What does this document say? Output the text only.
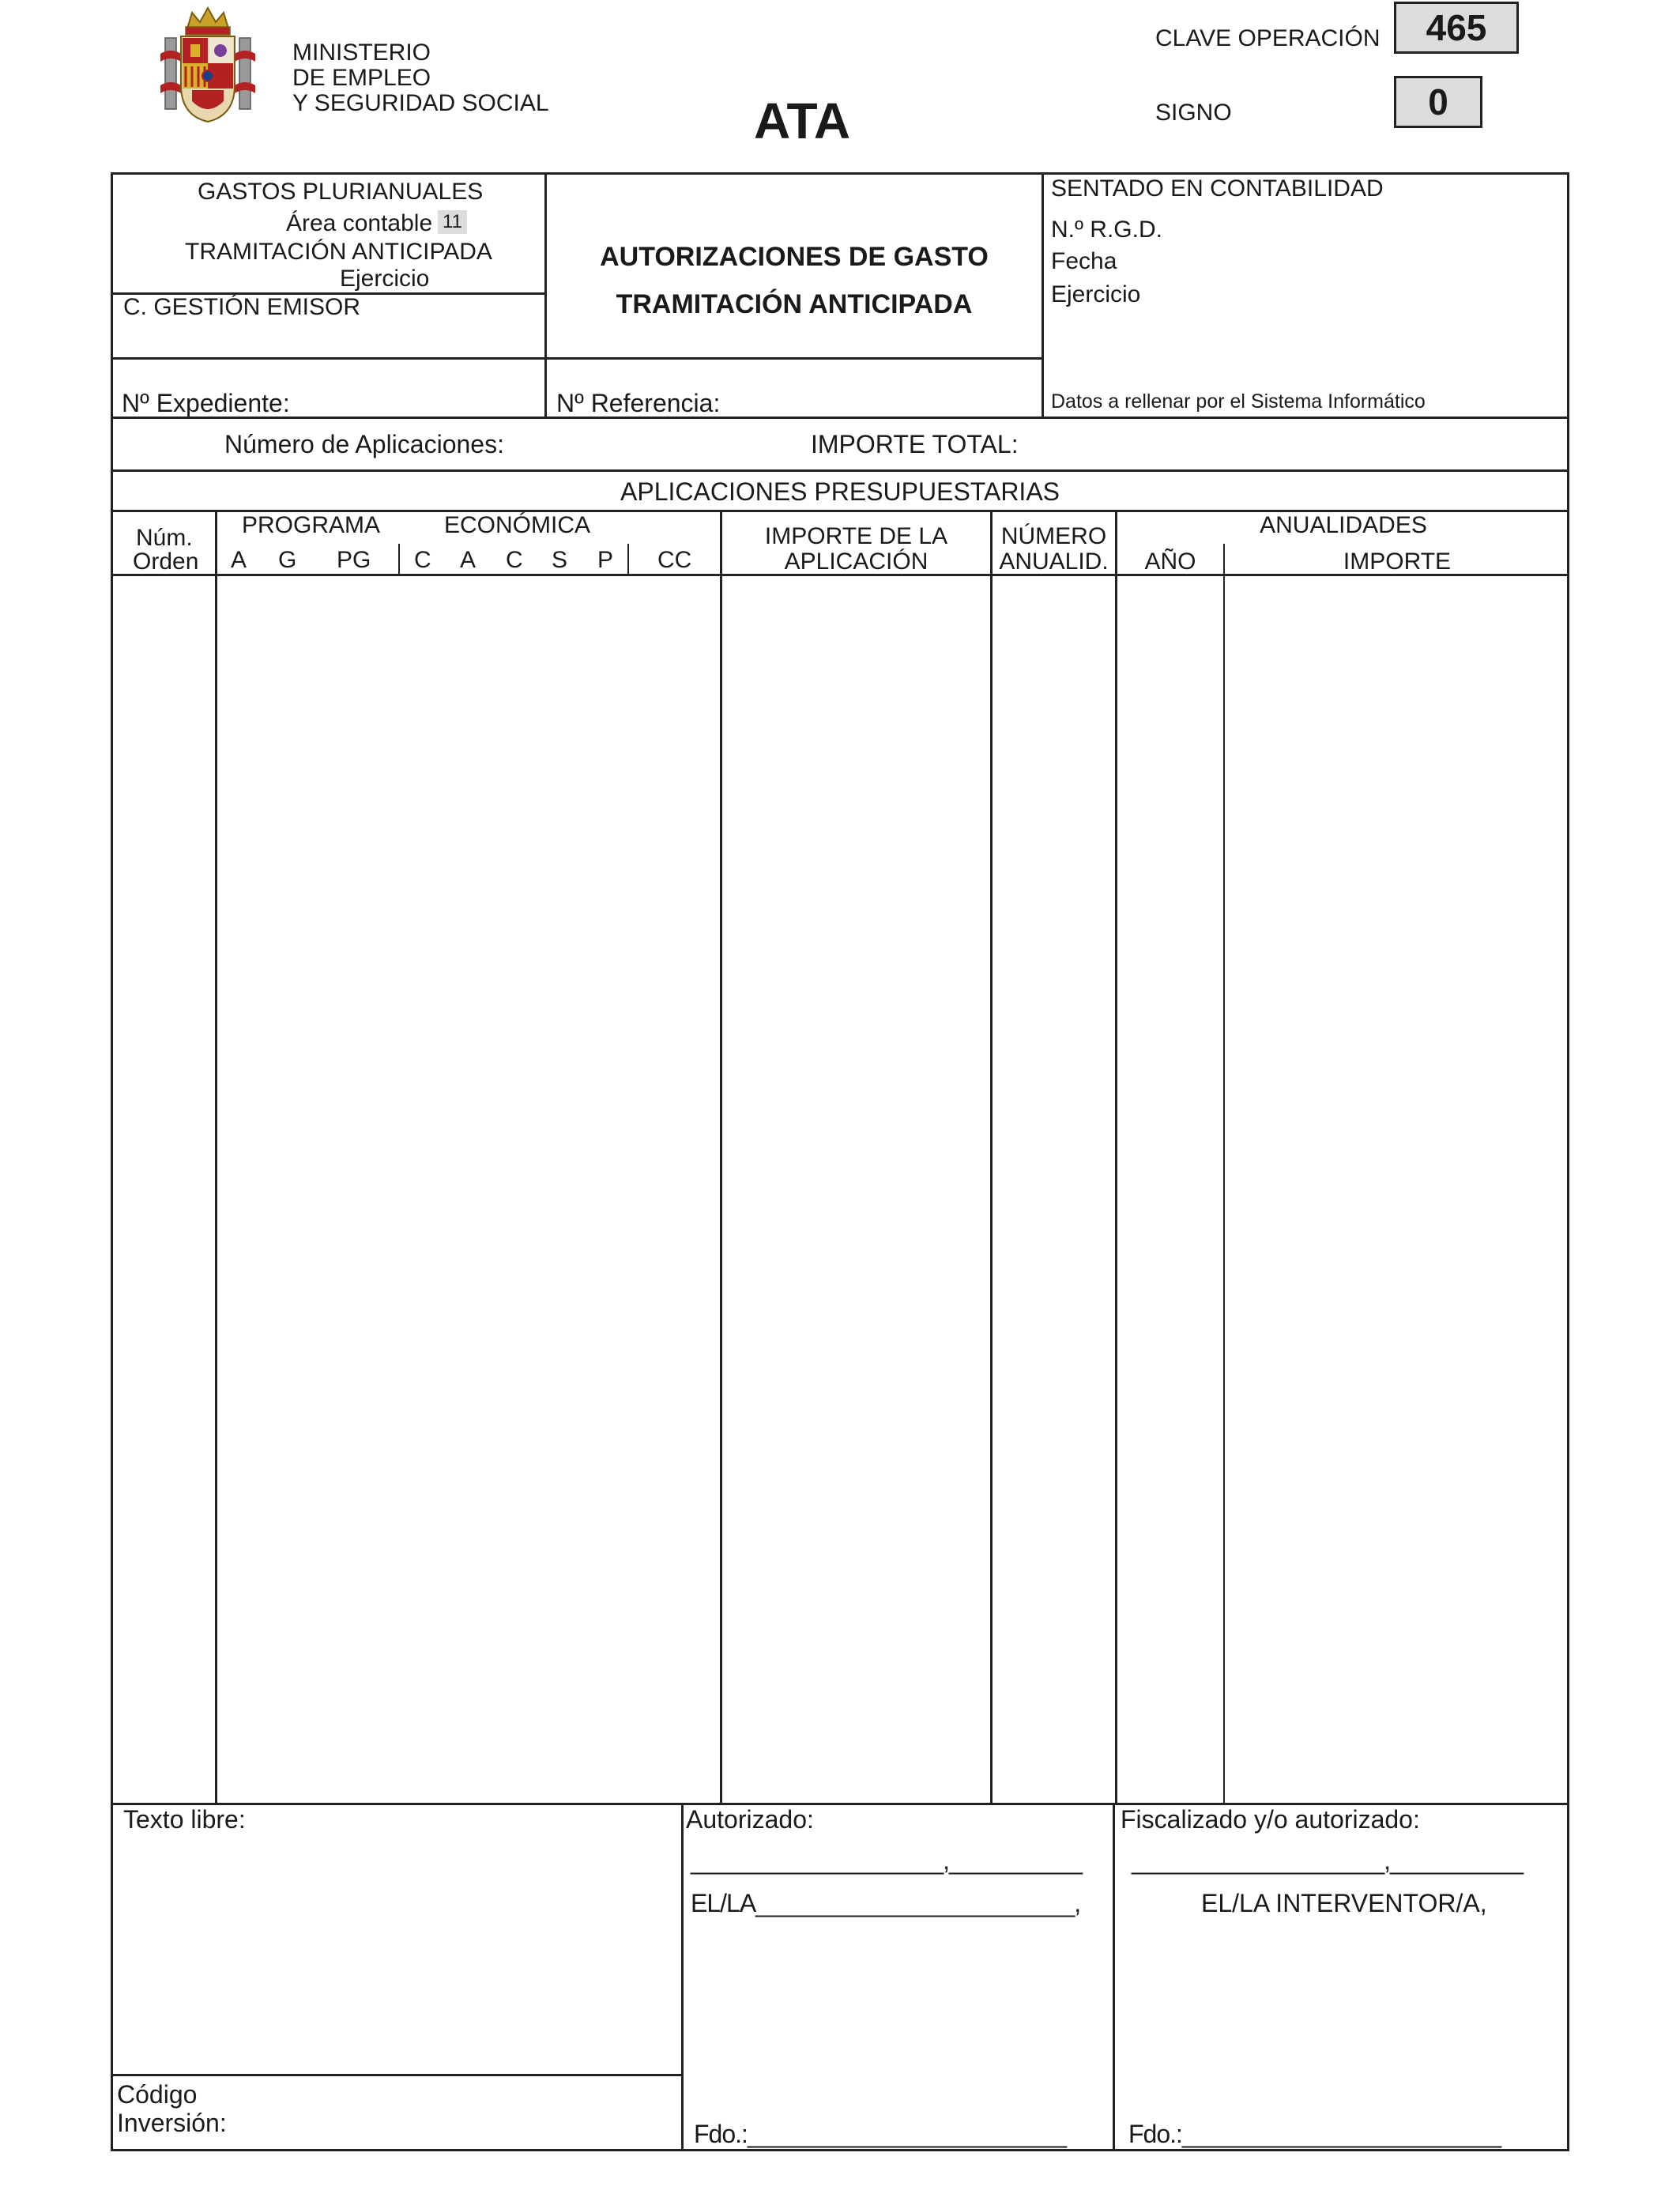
MINISTERIO
DE EMPLEO
Y SEGURIDAD SOCIAL	ATA
CLAVE OPERACIÓN	465
SIGNO	0
GASTOS PLURIANUALES
Área contable 11
TRAMITACIÓN ANTICIPADA
Ejercicio
C. GESTIÓN EMISOR
AUTORIZACIONES DE GASTO
TRAMITACIÓN ANTICIPADA
SENTADO EN CONTABILIDAD
N.º R.G.D.
Fecha
Ejercicio
Datos a rellenar por el Sistema Informático
Nº Expediente:	Nº Referencia:
Número de Aplicaciones:	IMPORTE TOTAL:
APLICACIONES PRESUPUESTARIAS
Núm.
Orden
PROGRAMA	ECONÓMICA
A G PG C A C S P CC
IMPORTE DE LA
APLICACIÓN
NÚMERO
ANUALID.
ANUALIDADES
AÑO	IMPORTE
Texto libre:
Código
Inversión:
Autorizado:
___________________,__________
EL/LA________________________,
Fdo.:________________________
Fiscalizado y/o autorizado:
___________________,__________
EL/LA INTERVENTOR/A,
Fdo.:________________________
